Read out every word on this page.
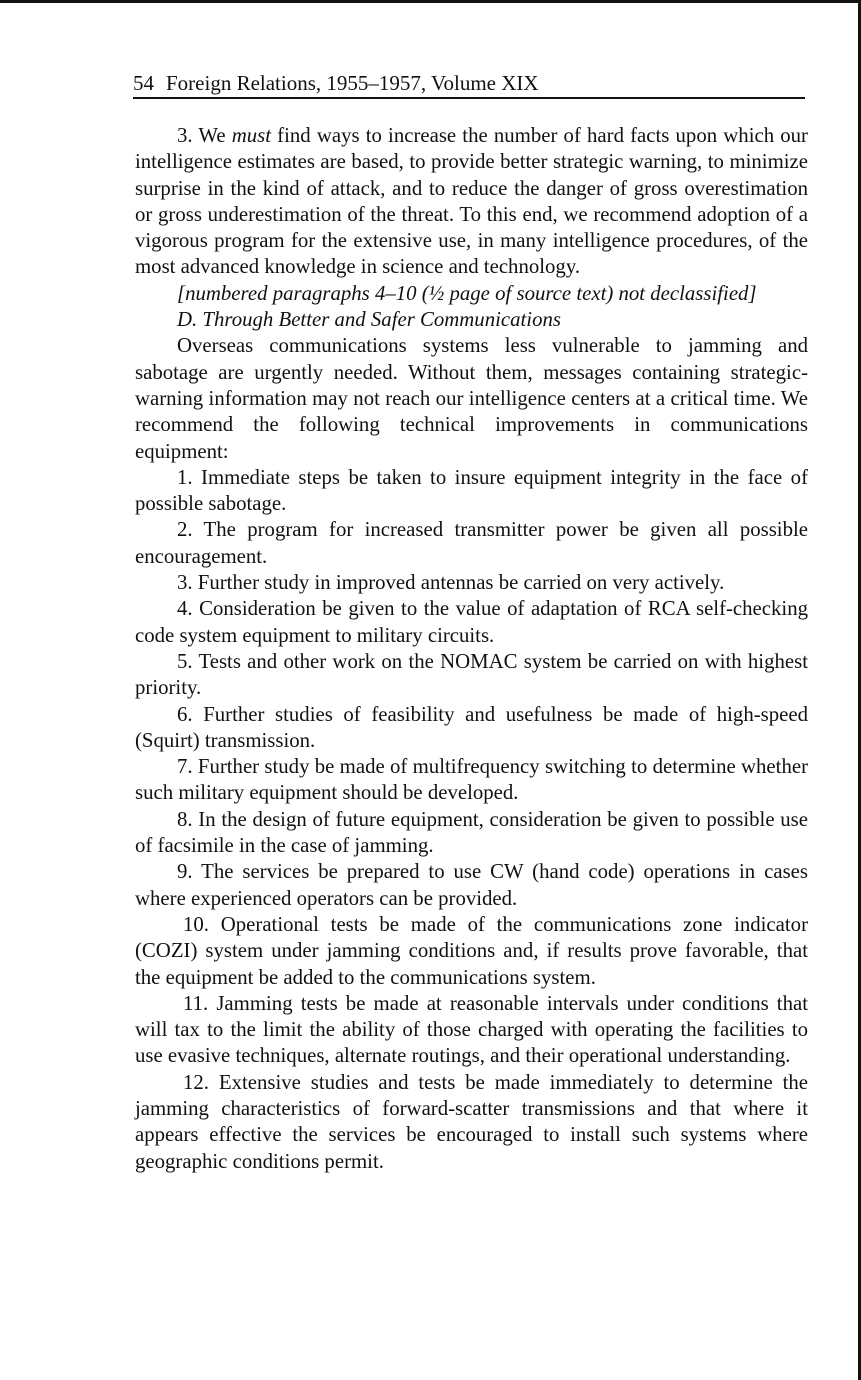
54 Foreign Relations, 1955–1957, Volume XIX

3. We must find ways to increase the number of hard facts upon which our intelligence estimates are based, to provide better strategic warning, to minimize surprise in the kind of attack, and to reduce the danger of gross overestimation or gross underestimation of the threat. To this end, we recommend adoption of a vigorous program for the extensive use, in many intelligence procedures, of the most advanced knowledge in science and technology.

[numbered paragraphs 4–10 (½ page of source text) not declassified]

D. Through Better and Safer Communications

Overseas communications systems less vulnerable to jamming and sabotage are urgently needed. Without them, messages containing strategic-warning information may not reach our intelligence centers at a critical time. We recommend the following technical improvements in communications equipment:

1. Immediate steps be taken to insure equipment integrity in the face of possible sabotage.

2. The program for increased transmitter power be given all possible encouragement.

3. Further study in improved antennas be carried on very actively.

4. Consideration be given to the value of adaptation of RCA self-checking code system equipment to military circuits.

5. Tests and other work on the NOMAC system be carried on with highest priority.

6. Further studies of feasibility and usefulness be made of high-speed (Squirt) transmission.

7. Further study be made of multifrequency switching to determine whether such military equipment should be developed.

8. In the design of future equipment, consideration be given to possible use of facsimile in the case of jamming.

9. The services be prepared to use CW (hand code) operations in cases where experienced operators can be provided.

10. Operational tests be made of the communications zone indicator (COZI) system under jamming conditions and, if results prove favorable, that the equipment be added to the communications system.

11. Jamming tests be made at reasonable intervals under conditions that will tax to the limit the ability of those charged with operating the facilities to use evasive techniques, alternate routings, and their operational understanding.

12. Extensive studies and tests be made immediately to determine the jamming characteristics of forward-scatter transmissions and that where it appears effective the services be encouraged to install such systems where geographic conditions permit.
